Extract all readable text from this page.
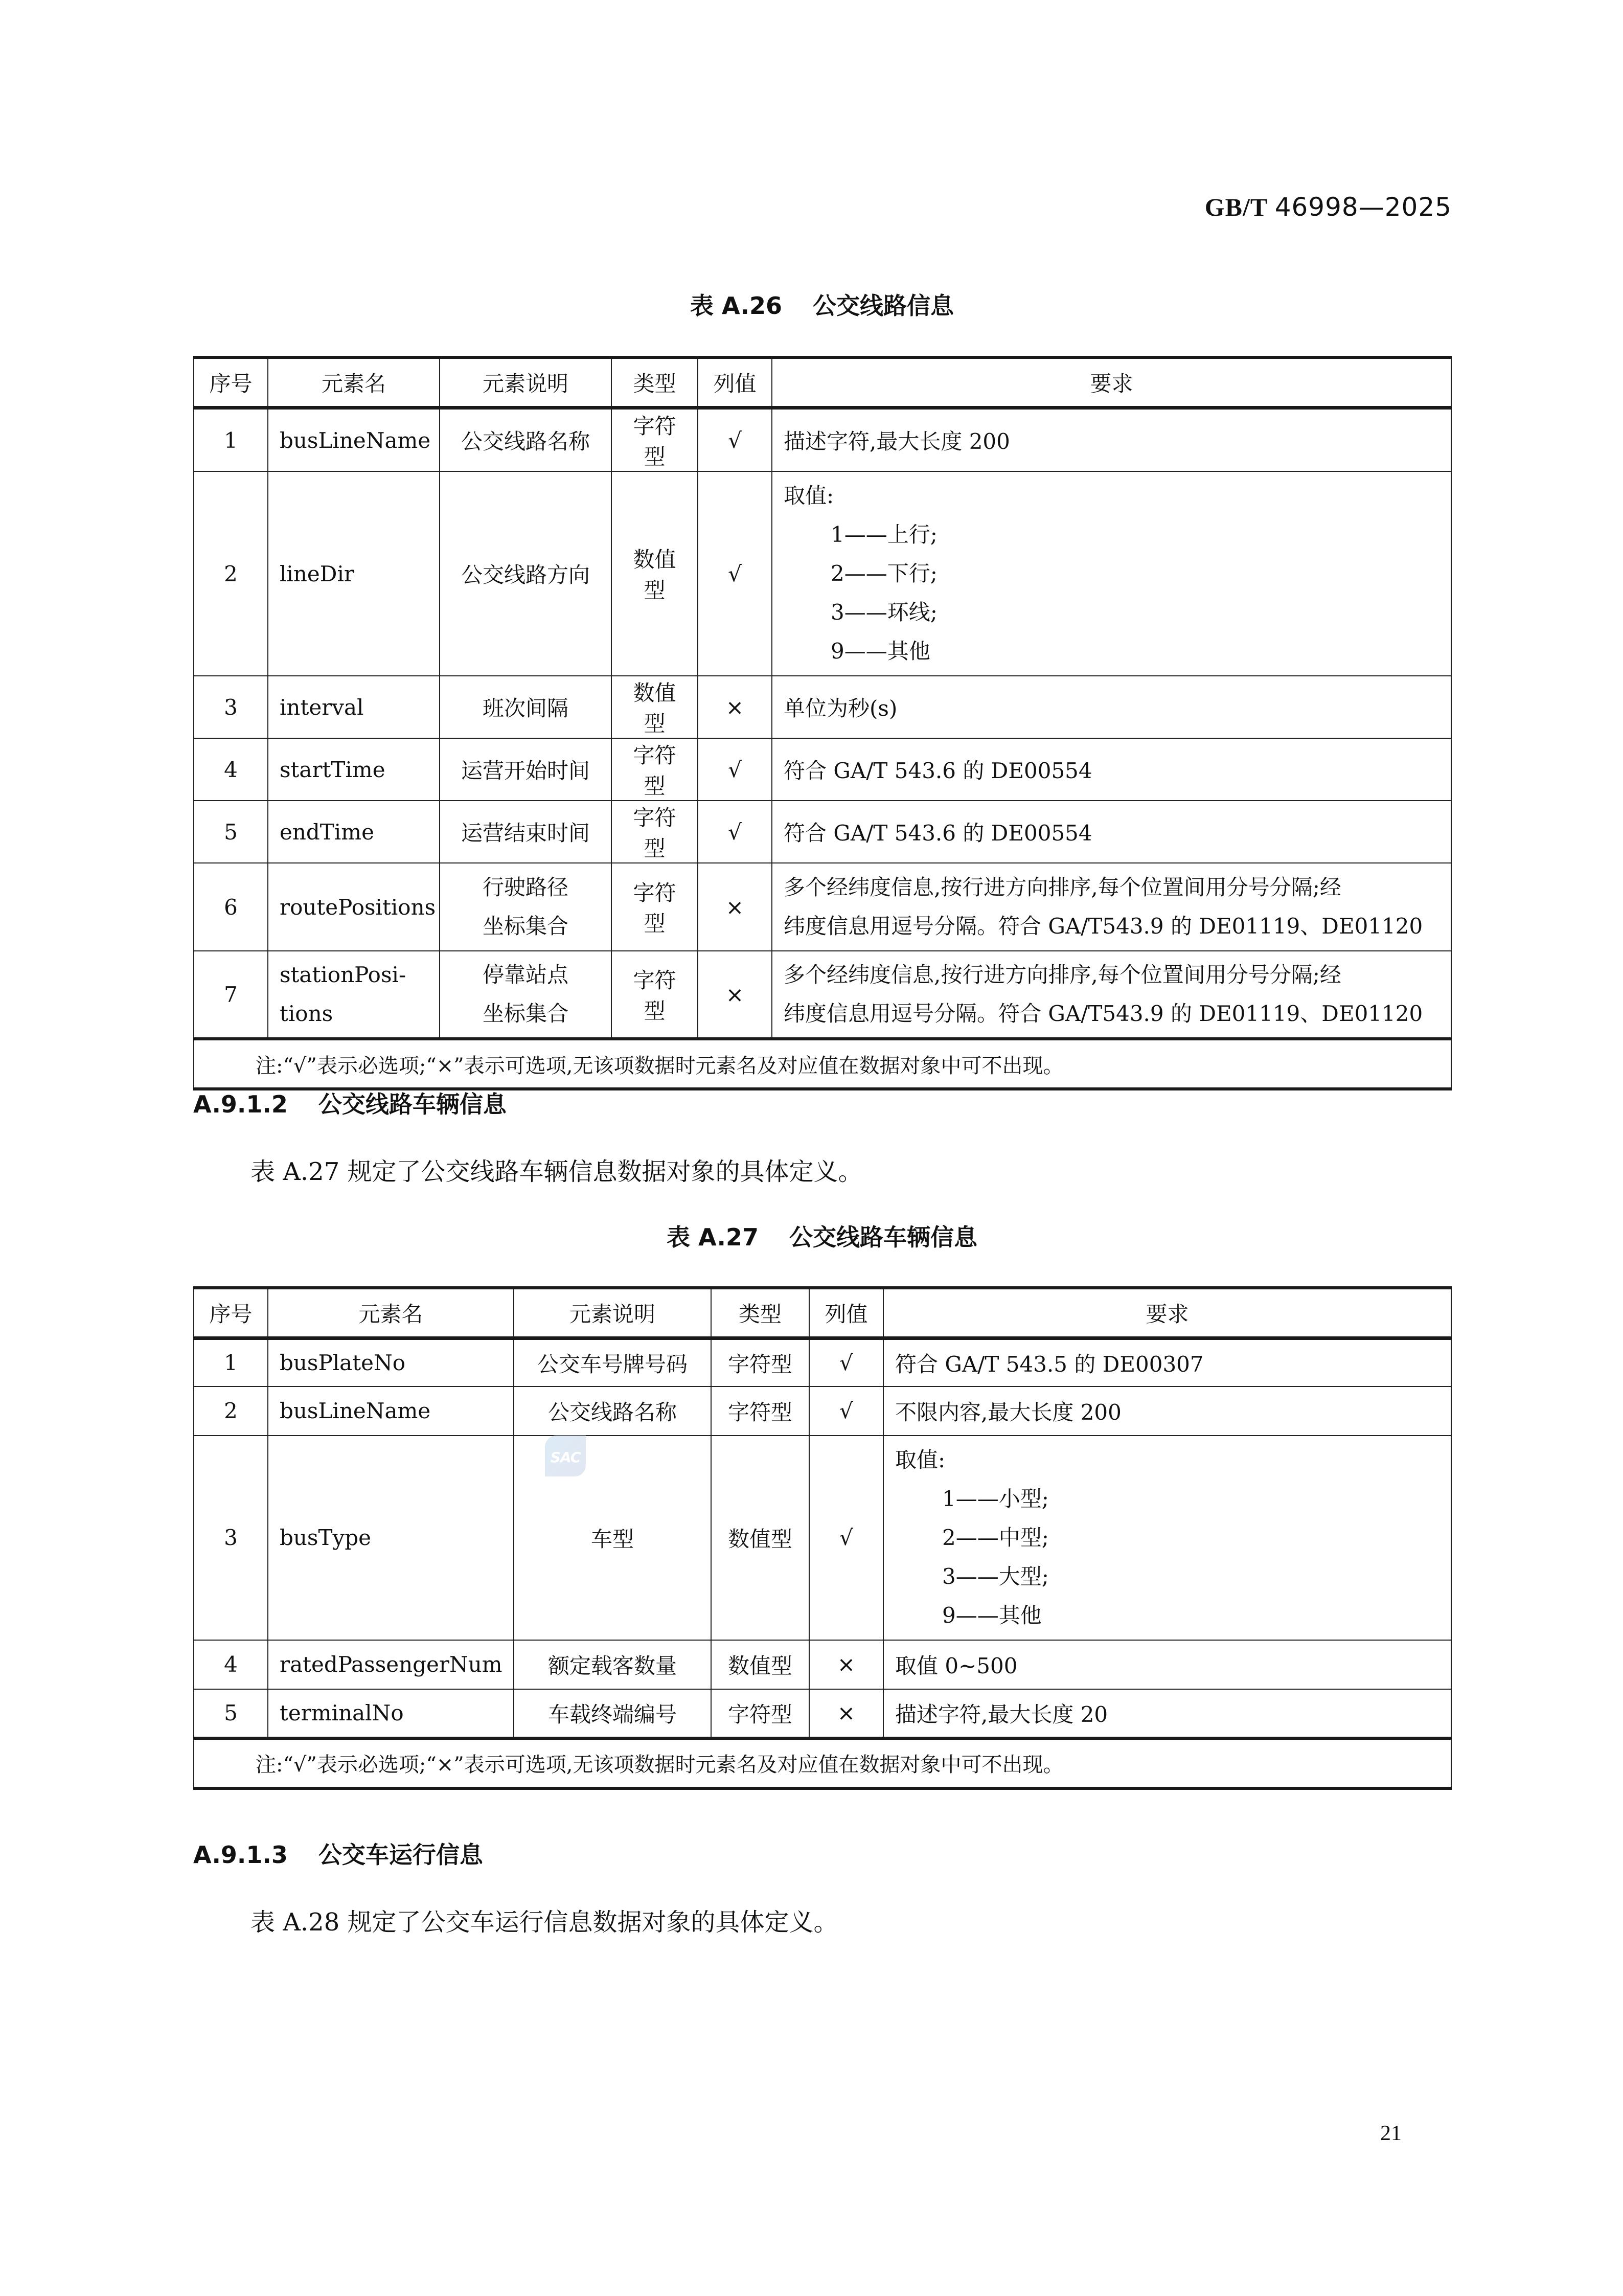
GB/T 46998—2025
表 A.26 公交线路信息
序号	元素名	元素说明	类型	列值	要求
1	busLineName	公交线路名称	字符型	√	描述字符,最大长度 200
2	lineDir	公交线路方向	数值型	√	取值:
1——上行;
2——下行;
3——环线;
9——其他

3	interval	班次间隔	数值型	×	单位为秒(s)
4	startTime	运营开始时间	字符型	√	符合 GA/T 543.6 的 DE00554
5	endTime	运营结束时间	字符型	√	符合 GA/T 543.6 的 DE00554
6	routePositions	行驶路径
坐标集合	字符型	×	多个经纬度信息,按行进方向排序,每个位置间用分号分隔;经
纬度信息用逗号分隔。符合 GA/T543.9 的 DE01119、DE01120

7	stationPosi-
tions	停靠站点
坐标集合	字符型	×	多个经纬度信息,按行进方向排序,每个位置间用分号分隔;经
纬度信息用逗号分隔。符合 GA/T543.9 的 DE01119、DE01120

注:“√”表示必选项;“×”表示可选项,无该项数据时元素名及对应值在数据对象中可不出现。					
A.9.1.2 公交线路车辆信息
表 A.27 规定了公交线路车辆信息数据对象的具体定义。
表 A.27 公交线路车辆信息
序号	元素名	元素说明	类型	列值	要求
1	busPlateNo	公交车号牌号码	字符型	√	符合 GA/T 543.5 的 DE00307
2	busLineName	公交线路名称	字符型	√	不限内容,最大长度 200
3	busType	车型	数值型	√	取值:
1——小型;
2——中型;
3——大型;
9——其他

4	ratedPassengerNum	额定载客数量	数值型	×	取值 0~500
5	terminalNo	车载终端编号	字符型	×	描述字符,最大长度 20
注:“√”表示必选项;“×”表示可选项,无该项数据时元素名及对应值在数据对象中可不出现。					
SAC
A.9.1.3 公交车运行信息
表 A.28 规定了公交车运行信息数据对象的具体定义。
21
